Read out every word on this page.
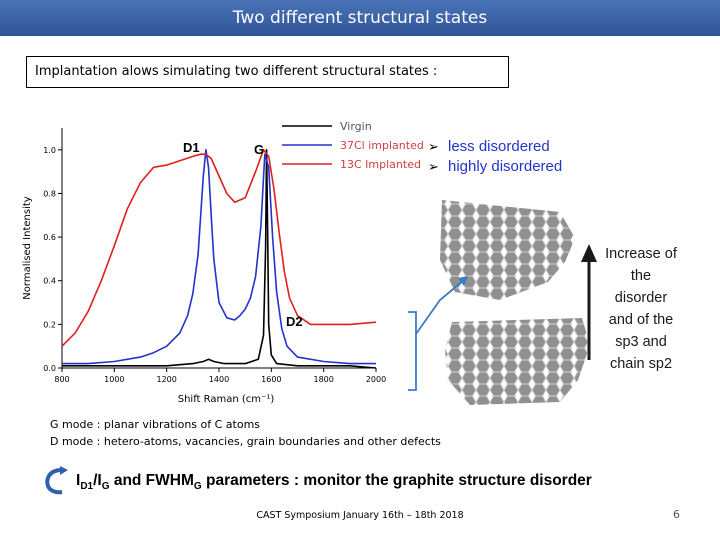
Two different structural states
Implantation alows simulating two different structural states :
800	1000	1200	1400	1600	1800	2000
0.0
0.2
0.4
0.6
0.8
1.0
Shift Raman (cm⁻¹)
Normalised Intensity
D1	G
D2
Virgin
37Cl implanted
13C Implanted
➢ less disordered
➢ highly disordered
Increase of
the
disorder
and of the
sp3 and
chain sp2
G mode : planar vibrations of C atoms
D mode : hetero-atoms, vacancies, grain boundaries and other defects
$I_{D1}/I_G$ and $FWHM_G$ parameters : monitor the graphite structure disorder
CAST Symposium January 16th – 18th 2018	6
